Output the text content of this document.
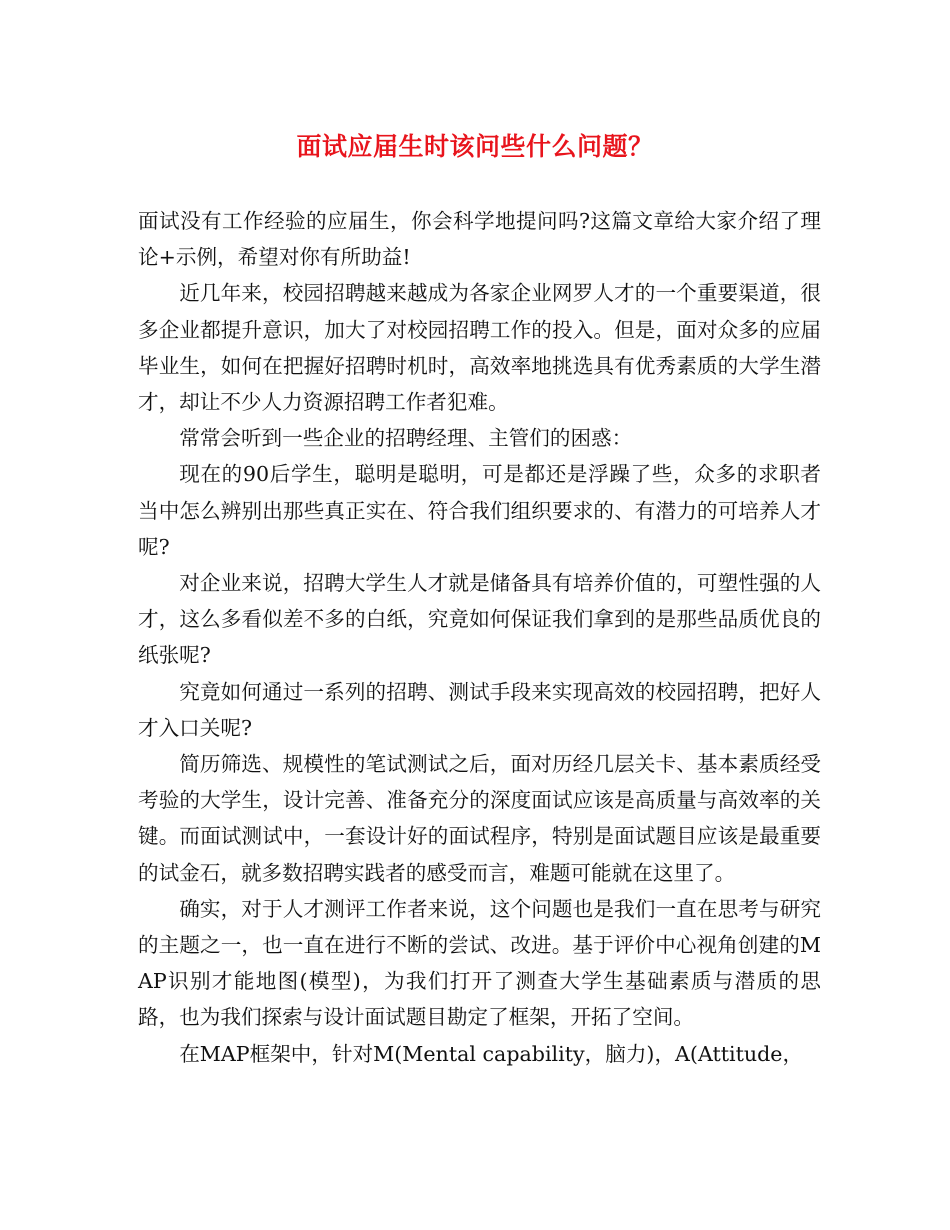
面试应届生时该问些什么问题？

面试没有工作经验的应届生，你会科学地提问吗?这篇文章给大家介绍了理论+示例，希望对你有所助益!

近几年来，校园招聘越来越成为各家企业网罗人才的一个重要渠道，很多企业都提升意识，加大了对校园招聘工作的投入。但是，面对众多的应届毕业生，如何在把握好招聘时机时，高效率地挑选具有优秀素质的大学生潜才，却让不少人力资源招聘工作者犯难。

常常会听到一些企业的招聘经理、主管们的困惑：

现在的90后学生，聪明是聪明，可是都还是浮躁了些，众多的求职者当中怎么辨别出那些真正实在、符合我们组织要求的、有潜力的可培养人才呢?

对企业来说，招聘大学生人才就是储备具有培养价值的，可塑性强的人才，这么多看似差不多的白纸，究竟如何保证我们拿到的是那些品质优良的纸张呢?

究竟如何通过一系列的招聘、测试手段来实现高效的校园招聘，把好人才入口关呢?

简历筛选、规模性的笔试测试之后，面对历经几层关卡、基本素质经受考验的大学生，设计完善、准备充分的深度面试应该是高质量与高效率的关键。而面试测试中，一套设计好的面试程序，特别是面试题目应该是最重要的试金石，就多数招聘实践者的感受而言，难题可能就在这里了。

确实，对于人才测评工作者来说，这个问题也是我们一直在思考与研究的主题之一，也一直在进行不断的尝试、改进。基于评价中心视角创建的MAP识别才能地图(模型)，为我们打开了测查大学生基础素质与潜质的思路，也为我们探索与设计面试题目勘定了框架，开拓了空间。

在MAP框架中，针对M(Mental capability，脑力)，A(Attitude，
